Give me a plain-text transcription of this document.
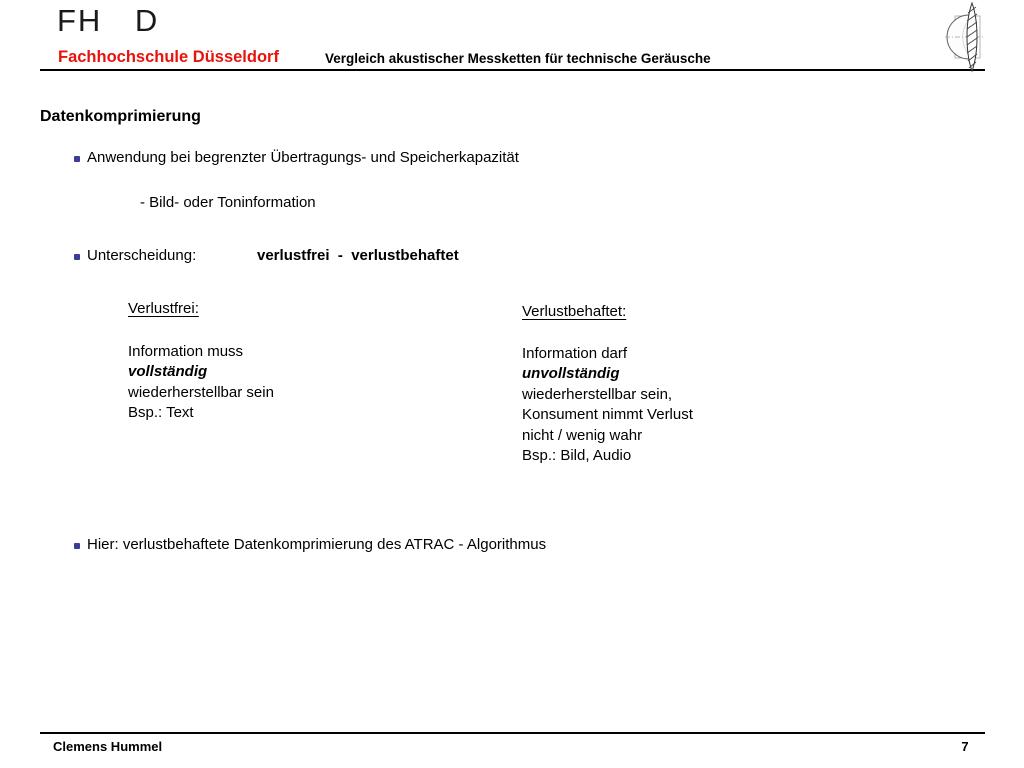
FH D
Fachhochschule Düsseldorf	Vergleich akustischer Messketten für technische Geräusche
Datenkomprimierung
Anwendung bei begrenzter Übertragungs- und Speicherkapazität
- Bild- oder Toninformation
Unterscheidung:	verlustfrei  -  verlustbehaftet
Verlustfrei:
Information muss
vollständig
wiederherstellbar sein
Bsp.: Text
Verlustbehaftet:
Information darf
unvollständig
wiederherstellbar sein,
Konsument nimmt Verlust
nicht / wenig wahr
Bsp.: Bild, Audio
Hier: verlustbehaftete Datenkomprimierung des ATRAC - Algorithmus
Clemens Hummel	7
